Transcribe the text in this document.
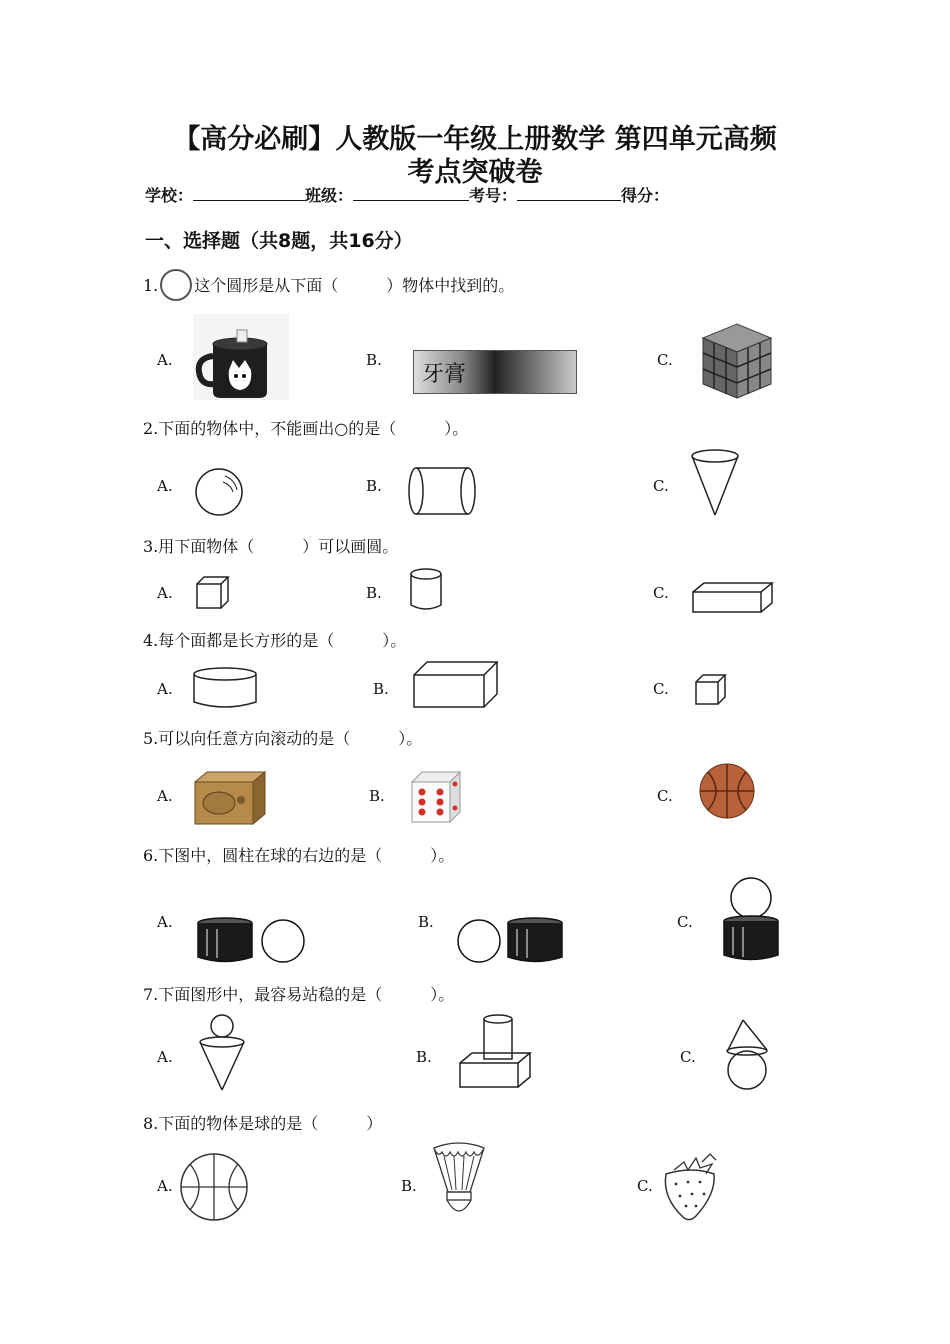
【高分必刷】人教版一年级上册数学 第四单元高频
考点突破卷
学校：	班级：	考号：	得分：
一、选择题（共8题，共16分）
1. 这个圆形是从下面（　　　）物体中找到的。
A.	B.
牙膏
C.
2.下面的物体中，不能画出○的是（　　　）。
A.	B.	C.
3.用下面物体（　　　）可以画圆。
A.	B.	C.
4.每个面都是长方形的是（　　　）。
A.	B.	C.
5.可以向任意方向滚动的是（　　　）。
A.	B.	C.
6.下图中，圆柱在球的右边的是（　　　）。
A.	B.	C.
7.下面图形中，最容易站稳的是（　　　）。
A.	B.	C.
8.下面的物体是球的是（　　　）
A.	B.	C.
